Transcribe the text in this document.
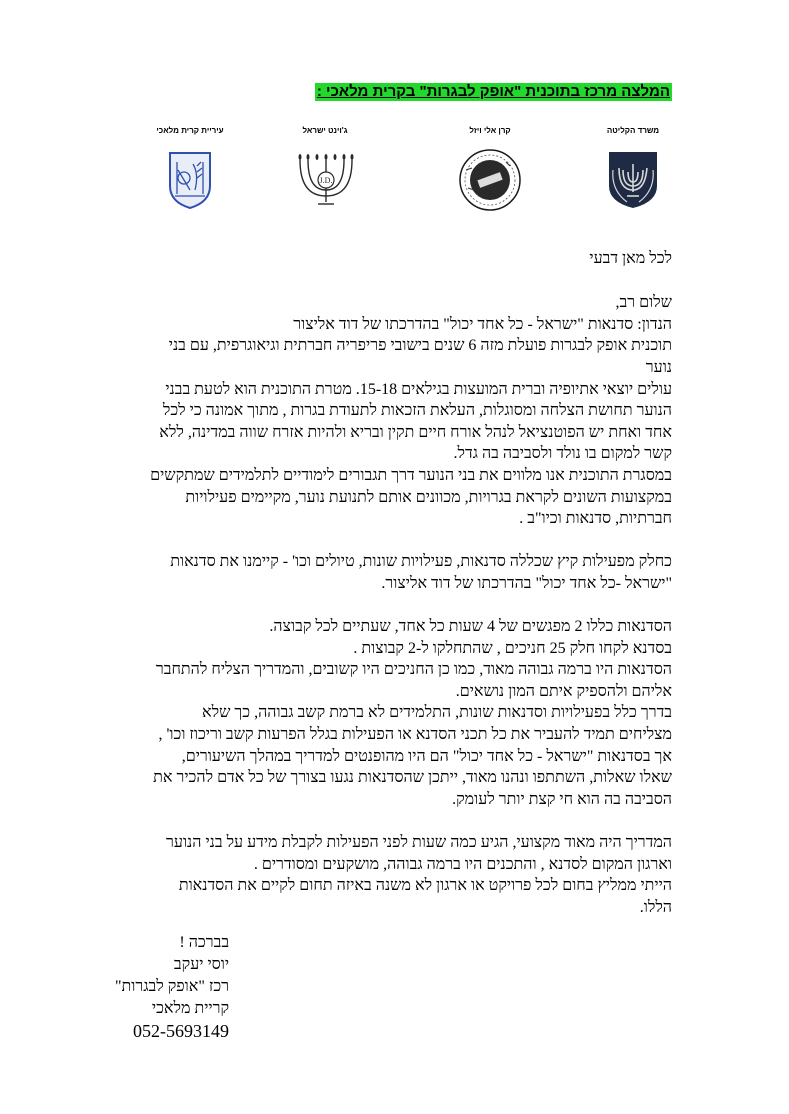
המלצה מרכז בתוכנית "אופק לבגרות" בקרית מלאכי :
משרד הקליטה
קרן אלי ויזל
ג'וינט ישראל
עיריית קרית מלאכי
J.D.

לכל מאן דבעי

שלום רב,

הנדון: סדנאות "ישראל - כל אחד יכול" בהדרכתו של דוד אליצור

תוכנית אופק לבגרות פועלת מזה 6 שנים בישובי פריפריה חברתית וגיאוגרפית, עם בני

נוער

עולים יוצאי אתיופיה וברית המועצות בגילאים 15-18. מטרת התוכנית הוא לטעת בבני

הנוער תחושת הצלחה ומסוגלות, העלאת הזכאות לתעודת בגרות , מתוך אמונה כי לכל

אחד ואחת יש הפוטנציאל לנהל אורח חיים תקין ובריא ולהיות אזרח שווה במדינה, ללא

קשר למקום בו נולד ולסביבה בה גדל.

במסגרת התוכנית אנו מלווים את בני הנוער דרך תגבורים לימודיים לתלמידים שמתקשים

במקצועות השונים לקראת בגרויות, מכוונים אותם לתנועת נוער, מקיימים פעילויות

חברתיות, סדנאות וכיו"ב .

כחלק מפעילות קיץ שכללה סדנאות, פעילויות שונות, טיולים וכו' - קיימנו את סדנאות

"ישראל -כל אחד יכול" בהדרכתו של דוד אליצור.

הסדנאות כללו 2 מפגשים של 4 שעות כל אחד, שעתיים לכל קבוצה.

בסדנא לקחו חלק 25 חניכים , שהתחלקו ל-2 קבוצות .

הסדנאות היו ברמה גבוהה מאוד, כמו כן החניכים היו קשובים, והמדריך הצליח להתחבר

אליהם ולהספיק איתם המון נושאים.

בדרך כלל בפעילויות וסדנאות שונות, התלמידים לא ברמת קשב גבוהה, כך שלא

מצליחים תמיד להעביר את כל תכני הסדנא או הפעילות בגלל הפרעות קשב וריכוז וכו' ,

אך בסדנאות "ישראל - כל אחד יכול" הם היו מהופנטים למדריך במהלך השיעורים,

שאלו שאלות, השתתפו ונהנו מאוד, ייתכן שהסדנאות נגעו בצורך של כל אדם להכיר את

הסביבה בה הוא חי קצת יותר לעומק.

המדריך היה מאוד מקצועי, הגיע כמה שעות לפני הפעילות לקבלת מידע על בני הנוער

וארגון המקום לסדנא , והתכנים היו ברמה גבוהה, מושקעים ומסודרים .

הייתי ממליץ בחום לכל פרויקט או ארגון לא משנה באיזה תחום לקיים את הסדנאות

הללו.

בברכה !

יוסי יעקב

רכז "אופק לבגרות"

קריית מלאכי

052-5693149
